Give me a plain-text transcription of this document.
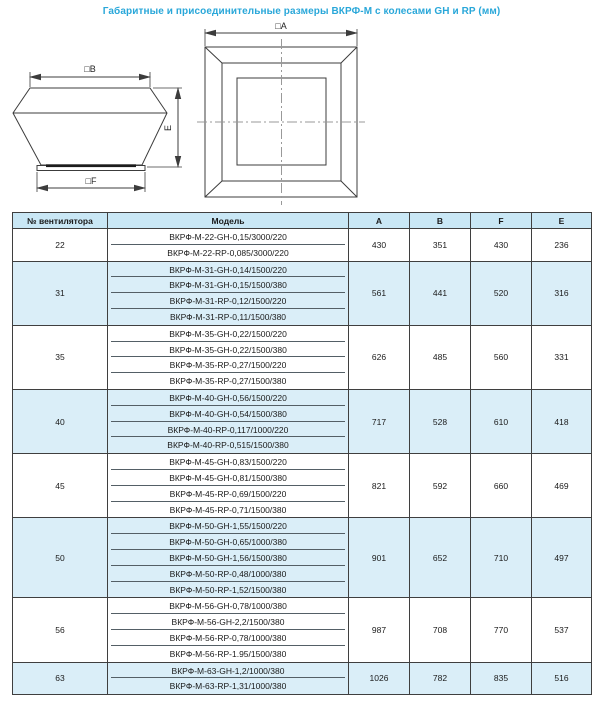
Габаритные и присоединительные размеры ВКРФ-М с колесами GH и RP (мм)
□B
□F
E
□A
№ вентилятора	Модель	A	B	F	E
22	ВКРФ-М-22-GH-0,15/3000/220	430	351	430	236

	ВКРФ-М-22-RP-0,085/3000/220				

31	ВКРФ-М-31-GH-0,14/1500/220	561	441	520	316

	ВКРФ-М-31-GH-0,15/1500/380				

	ВКРФ-М-31-RP-0,12/1500/220				

	ВКРФ-М-31-RP-0,11/1500/380				

35	ВКРФ-М-35-GH-0,22/1500/220	626	485	560	331

	ВКРФ-М-35-GH-0,22/1500/380				

	ВКРФ-М-35-RP-0,27/1500/220				

	ВКРФ-М-35-RP-0,27/1500/380				

40	ВКРФ-М-40-GH-0,56/1500/220	717	528	610	418

	ВКРФ-М-40-GH-0,54/1500/380				

	ВКРФ-М-40-RP-0,117/1000/220				

	ВКРФ-М-40-RP-0,515/1500/380				

45	ВКРФ-М-45-GH-0,83/1500/220	821	592	660	469

	ВКРФ-М-45-GH-0,81/1500/380				

	ВКРФ-М-45-RP-0,69/1500/220				

	ВКРФ-М-45-RP-0,71/1500/380				

50	ВКРФ-М-50-GH-1,55/1500/220	901	652	710	497

	ВКРФ-М-50-GH-0,65/1000/380				

	ВКРФ-М-50-GH-1,56/1500/380				

	ВКРФ-М-50-RP-0,48/1000/380				

	ВКРФ-М-50-RP-1,52/1500/380				

56	ВКРФ-М-56-GH-0,78/1000/380	987	708	770	537

	ВКРФ-М-56-GH-2,2/1500/380				

	ВКРФ-М-56-RP-0,78/1000/380				

	ВКРФ-М-56-RP-1.95/1500/380				

63	ВКРФ-М-63-GH-1,2/1000/380	1026	782	835	516

	ВКРФ-М-63-RP-1,31/1000/380				
